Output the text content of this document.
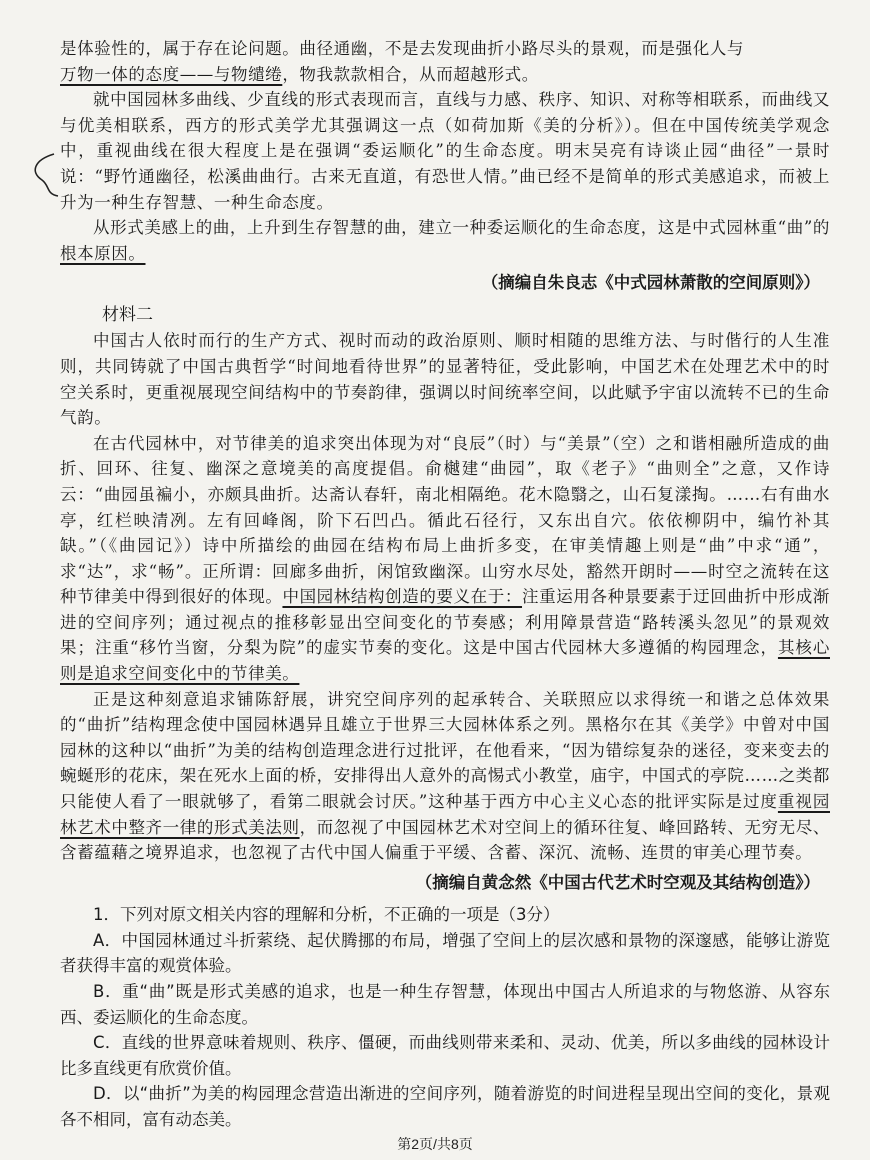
是体验性的，属于存在论问题。曲径通幽，不是去发现曲折小路尽头的景观，而是强化人与
万物一体的态度——与物缱绻，物我款款相合，从而超越形式。

就中国园林多曲线、少直线的形式表现而言，直线与力感、秩序、知识、对称等相联系，而曲线又与优美相联系，西方的形式美学尤其强调这一点（如荷加斯《美的分析》）。但在中国传统美学观念中，重视曲线在很大程度上是在强调“委运顺化”的生命态度。明末吴亮有诗谈止园“曲径”一景时说：“野竹通幽径，松溪曲曲行。古来无直道，有恐世人情。”曲已经不是简单的形式美感追求，而被上升为一种生存智慧、一种生命态度。

从形式美感上的曲，上升到生存智慧的曲，建立一种委运顺化的生命态度，这是中式园林重“曲”的根本原因。

（摘编自朱良志《中式园林萧散的空间原则》）

材料二

中国古人依时而行的生产方式、视时而动的政治原则、顺时相随的思维方法、与时偕行的人生准则，共同铸就了中国古典哲学“时间地看待世界”的显著特征，受此影响，中国艺术在处理艺术中的时空关系时，更重视展现空间结构中的节奏韵律，强调以时间统率空间，以此赋予宇宙以流转不已的生命气韵。

在古代园林中，对节律美的追求突出体现为对“良辰”（时）与“美景”（空）之和谐相融所造成的曲折、回环、往复、幽深之意境美的高度提倡。俞樾建“曲园”，取《老子》“曲则全”之意，又作诗云：“曲园虽褊小，亦颇具曲折。达斋认春轩，南北相隔绝。花木隐翳之，山石复漾掏。……右有曲水亭，红栏映清冽。左有回峰阁，阶下石凹凸。循此石径行，又东出自穴。依依柳阴中，编竹补其缺。”（《曲园记》）诗中所描绘的曲园在结构布局上曲折多变，在审美情趣上则是“曲”中求“通”，求“达”，求“畅”。正所谓：回廊多曲折，闲馆致幽深。山穷水尽处，豁然开朗时——时空之流转在这种节律美中得到很好的体现。中国园林结构创造的要义在于：注重运用各种景要素于迂回曲折中形成渐进的空间序列；通过视点的推移彰显出空间变化的节奏感；利用障景营造“路转溪头忽见”的景观效果；注重“移竹当窗，分梨为院”的虚实节奏的变化。这是中国古代园林大多遵循的构园理念，其核心则是追求空间变化中的节律美。

正是这种刻意追求铺陈舒展，讲究空间序列的起承转合、关联照应以求得统一和谐之总体效果的“曲折”结构理念使中国园林遇异且雄立于世界三大园林体系之列。黑格尔在其《美学》中曾对中国园林的这种以“曲折”为美的结构创造理念进行过批评，在他看来，“因为错综复杂的迷径，变来变去的蜿蜒形的花床，架在死水上面的桥，安排得出人意外的高惕式小教堂，庙宇，中国式的亭院……之类都只能使人看了一眼就够了，看第二眼就会讨厌。”这种基于西方中心主义心态的批评实际是过度重视园林艺术中整齐一律的形式美法则，而忽视了中国园林艺术对空间上的循环往复、峰回路转、无穷无尽、含蓄蕴藉之境界追求，也忽视了古代中国人偏重于平缓、含蓄、深沉、流畅、连贯的审美心理节奏。

（摘编自黄念然《中国古代艺术时空观及其结构创造》）

1．下列对原文相关内容的理解和分析，不正确的一项是（3分）

A．中国园林通过斗折萦绕、起伏腾挪的布局，增强了空间上的层次感和景物的深邃感，能够让游览者获得丰富的观赏体验。

B．重“曲”既是形式美感的追求，也是一种生存智慧，体现出中国古人所追求的与物悠游、从容东西、委运顺化的生命态度。

C．直线的世界意味着规则、秩序、僵硬，而曲线则带来柔和、灵动、优美，所以多曲线的园林设计比多直线更有欣赏价值。

D．以“曲折”为美的构园理念营造出渐进的空间序列，随着游览的时间进程呈现出空间的变化，景观各不相同，富有动态美。

第2页/共8页
